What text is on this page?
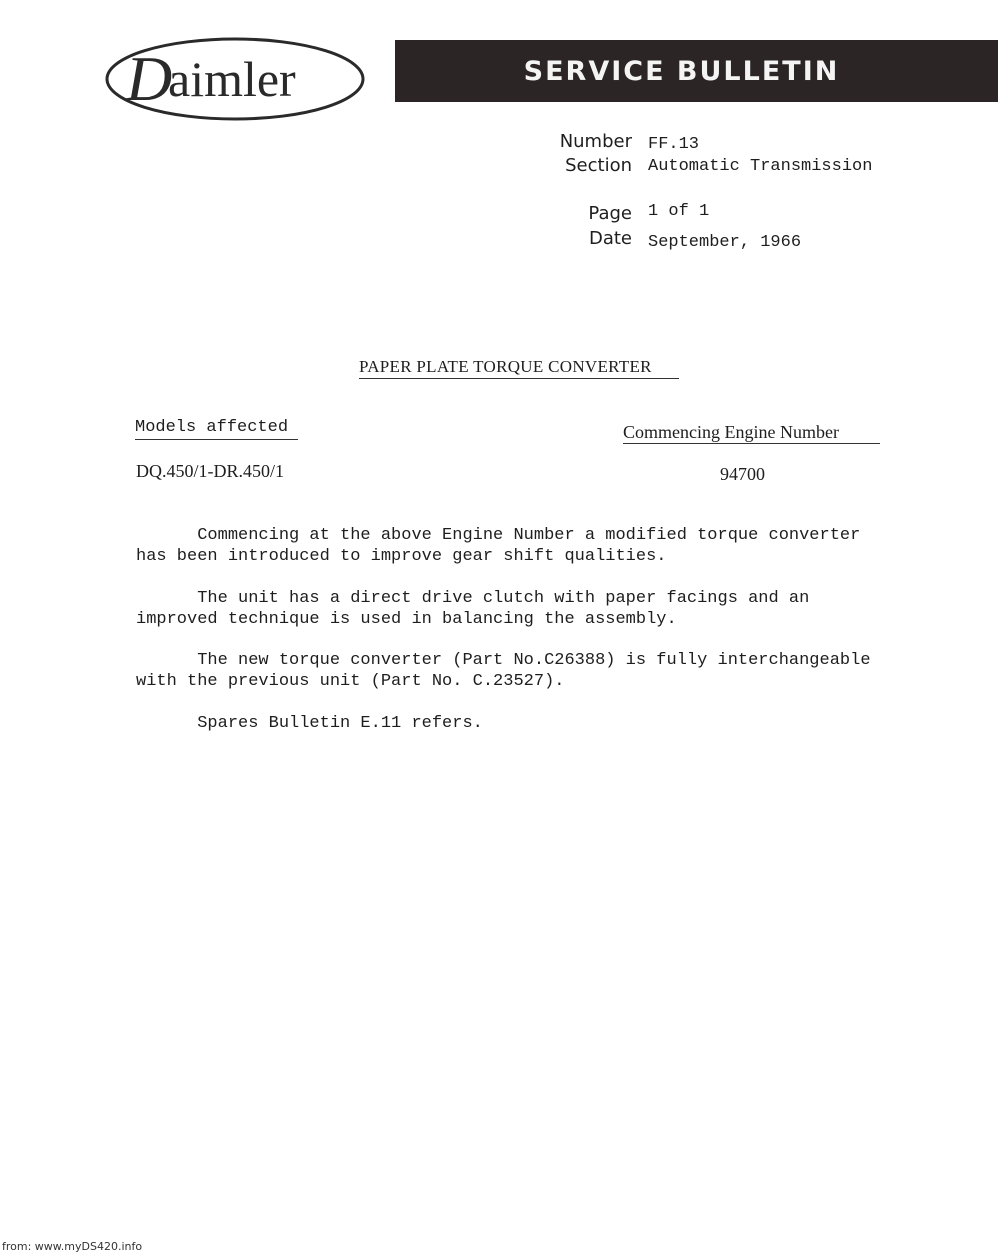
D
aimler	SERVICE BULLETIN
Number FF.13
Section Automatic Transmission
Page 1 of 1
Date September, 1966
PAPER PLATE TORQUE CONVERTER
Models affected	Commencing Engine Number
DQ.450/1-DR.450/1	94700

Commencing at the above Engine Number a modified torque converter
has been introduced to improve gear shift qualities.

The unit has a direct drive clutch with paper facings and an
improved technique is used in balancing the assembly.

The new torque converter (Part No.C26388) is fully interchangeable
with the previous unit (Part No. C.23527).

Spares Bulletin E.11 refers.

from: www.myDS420.info
